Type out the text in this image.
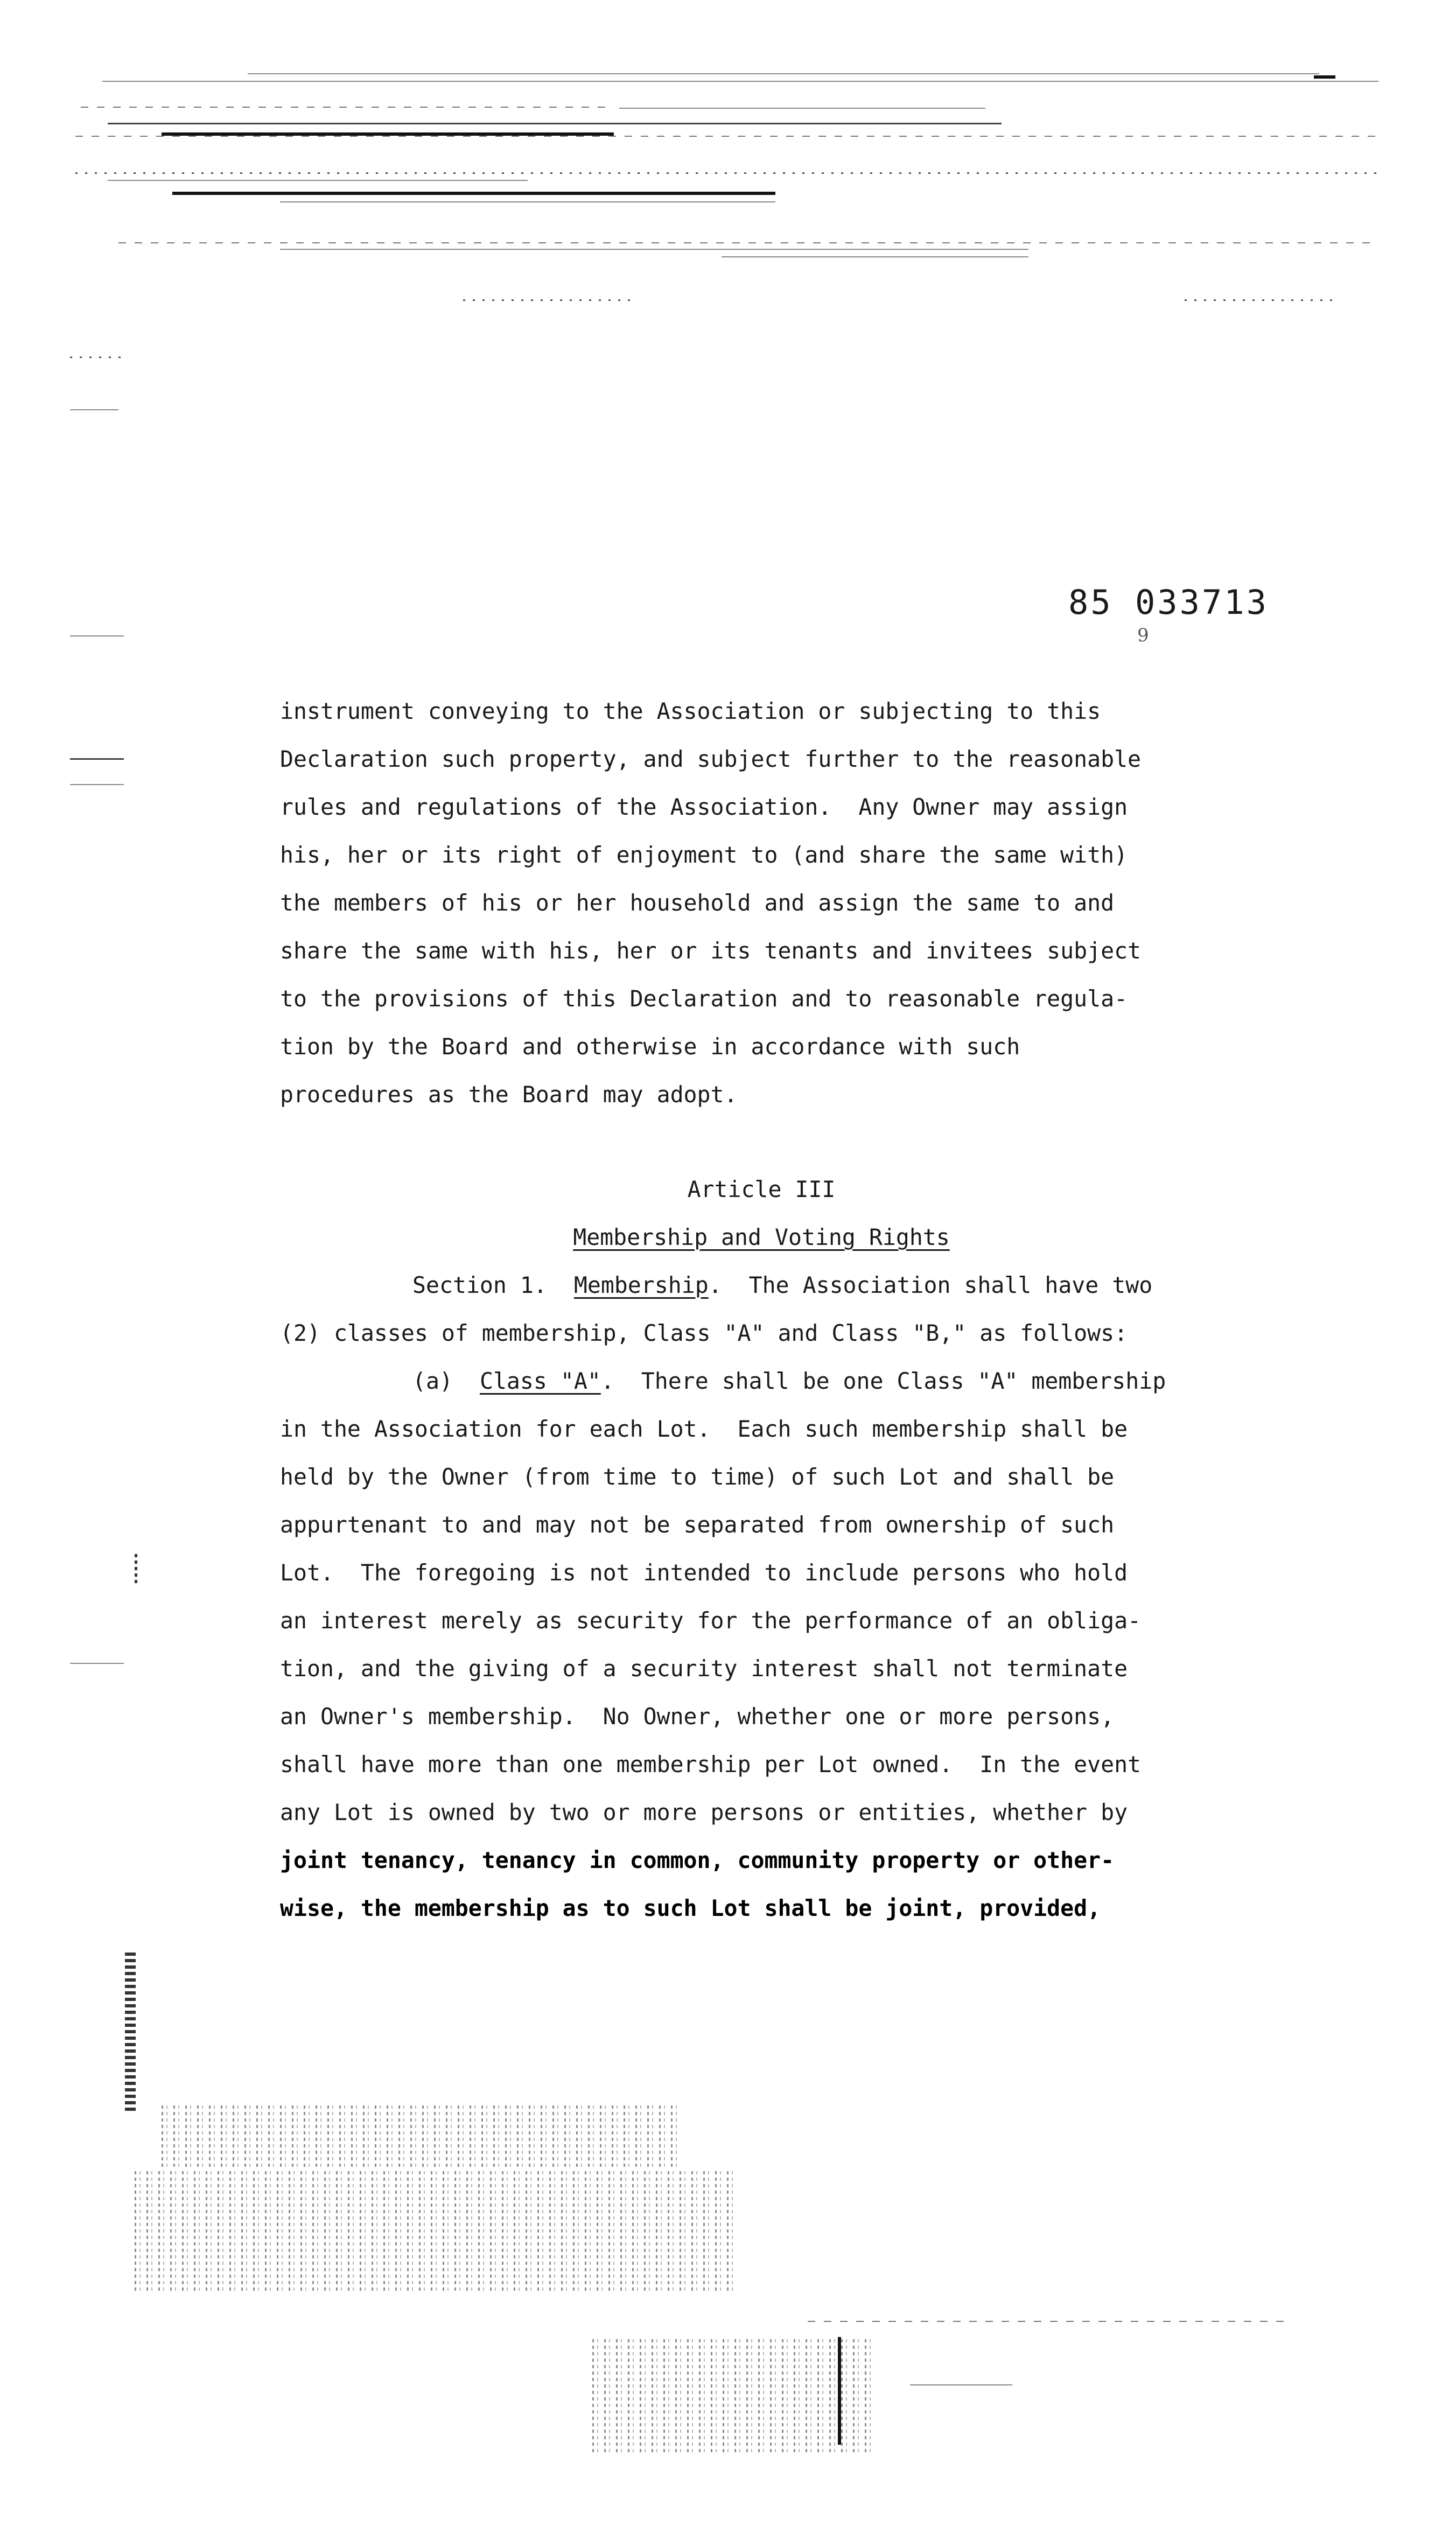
85 033713
9
instrument conveying to the Association or subjecting to this
Declaration such property, and subject further to the reasonable
rules and regulations of the Association.  Any Owner may assign
his, her or its right of enjoyment to (and share the same with)
the members of his or her household and assign the same to and
share the same with his, her or its tenants and invitees subject
to the provisions of this Declaration and to reasonable regula-
tion by the Board and otherwise in accordance with such
procedures as the Board may adopt.
Article III
Membership and Voting Rights
Section 1. Membership.  The Association shall have two
(2) classes of membership, Class "A" and Class "B," as follows:
(a) Class "A".  There shall be one Class "A" membership
in the Association for each Lot.  Each such membership shall be
held by the Owner (from time to time) of such Lot and shall be
appurtenant to and may not be separated from ownership of such
Lot.  The foregoing is not intended to include persons who hold
an interest merely as security for the performance of an obliga-
tion, and the giving of a security interest shall not terminate
an Owner's membership.  No Owner, whether one or more persons,
shall have more than one membership per Lot owned.  In the event
any Lot is owned by two or more persons or entities, whether by
joint tenancy, tenancy in common, community property or other-
wise, the membership as to such Lot shall be joint, provided,
